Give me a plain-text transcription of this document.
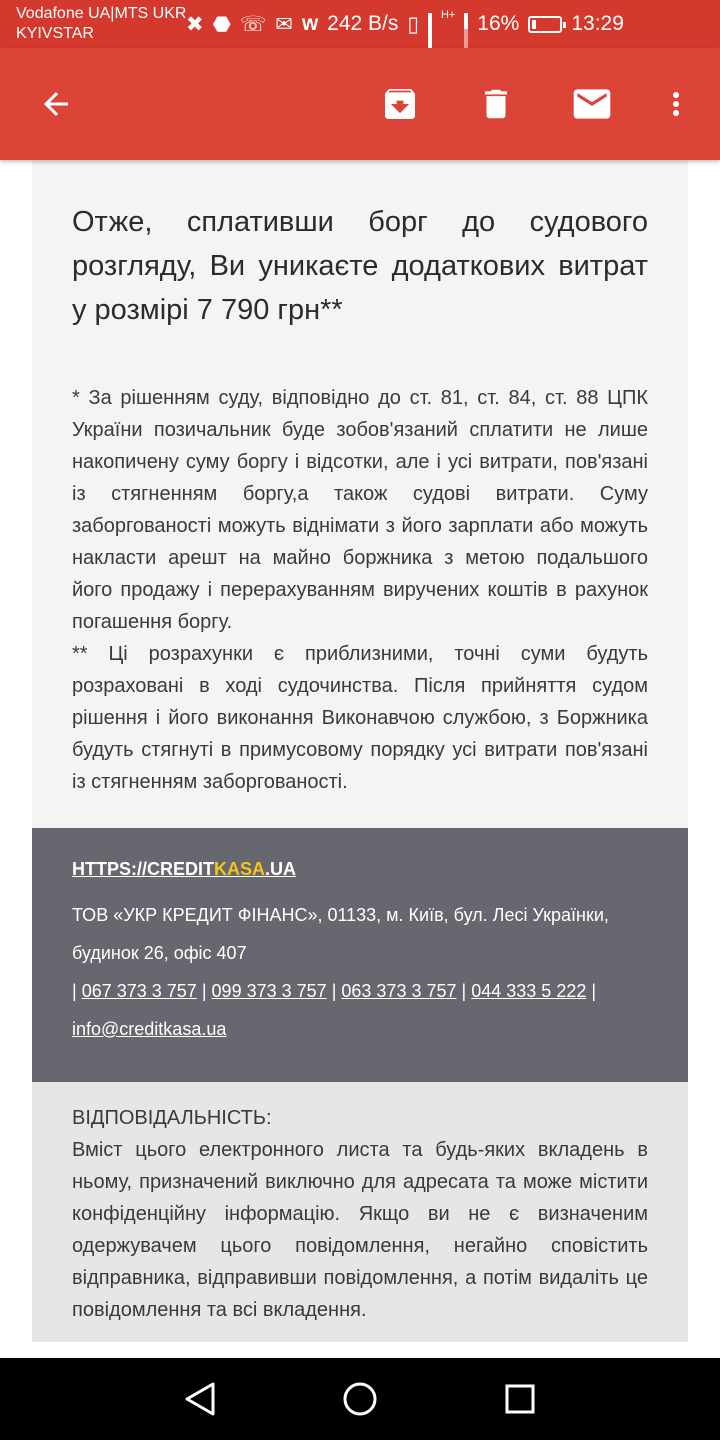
Vodafone UA|MTS UKR
KYIVSTAR	✖ ⬣ ☏ ✉ w 242 B/s ▯ H+ 16% 13:29

Отже, сплативши борг до судового розгляду, Ви уникаєте додаткових витрат у розмірі 7 790 грн**

* За рішенням суду, відповідно до ст. 81, ст. 84, ст. 88 ЦПК України позичальник буде зобов'язаний сплатити не лише накопичену суму боргу і відсотки, але і усі витрати, пов'язані із стягненням боргу,а також судові витрати. Суму заборгованості можуть віднімати з його зарплати або можуть накласти арешт на майно боржника з метою подальшого його продажу і перерахуванням виручених коштів в рахунок погашення боргу.

** Ці розрахунки є приблизними, точні суми будуть розраховані в ході судочинства. Після прийняття судом рішення і його виконання Виконавчою службою, з Боржника будуть стягнуті в примусовому порядку усі витрати пов'язані із стягненням заборгованості.

HTTPS://CREDITKASA.UA
ТОВ «УКР КРЕДИТ ФІНАНС», 01133, м. Київ, бул. Лесі Українки,
будинок 26, офіс 407
| 067 373 3 757 | 099 373 3 757 | 063 373 3 757 | 044 333 5 222 |
info@creditkasa.ua

ВІДПОВІДАЛЬНІСТЬ:

Вміст цього електронного листа та будь-яких вкладень в ньому, призначений виключно для адресата та може містити конфіденційну інформацію. Якщо ви не є визначеним одержувачем цього повідомлення, негайно сповістить відправника, відправивши повідомлення, а потім видаліть це повідомлення та всі вкладення.
